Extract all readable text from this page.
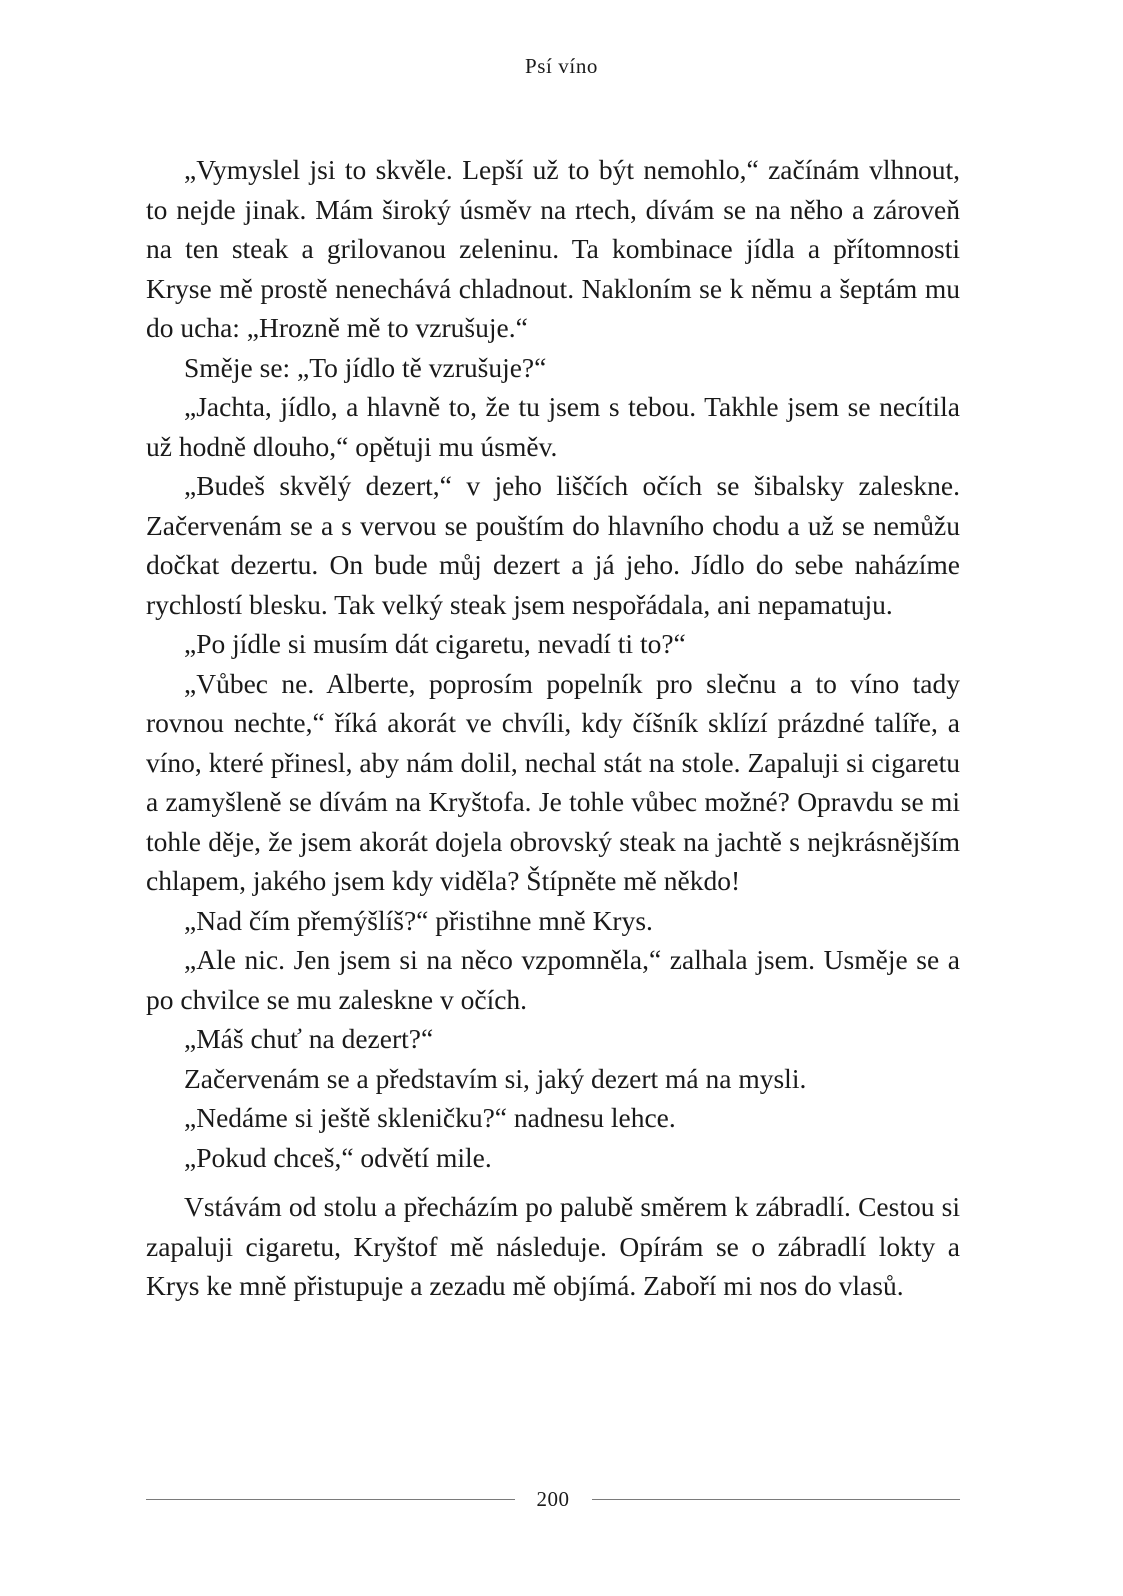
Psí víno

„Vymyslel jsi to skvěle. Lepší už to být nemohlo,“ začínám vlhnout, to nejde jinak. Mám široký úsměv na rtech, dívám se na něho a zároveň na ten steak a grilovanou zeleninu. Ta kombinace jídla a přítomnosti Kryse mě prostě nenechává chladnout. Nakloním se k němu a šeptám mu do ucha: „Hrozně mě to vzrušuje.“

Směje se: „To jídlo tě vzrušuje?“

„Jachta, jídlo, a hlavně to, že tu jsem s tebou. Takhle jsem se necítila už hodně dlouho,“ opětuji mu úsměv.

„Budeš skvělý dezert,“ v jeho liščích očích se šibalsky zaleskne. Začervenám se a s vervou se pouštím do hlavního chodu a už se nemůžu dočkat dezertu. On bude můj dezert a já jeho. Jídlo do sebe naházíme rychlostí blesku. Tak velký steak jsem nespořádala, ani nepamatuju.

„Po jídle si musím dát cigaretu, nevadí ti to?“

„Vůbec ne. Alberte, poprosím popelník pro slečnu a to víno tady rovnou nechte,“ říká akorát ve chvíli, kdy číšník sklízí prázdné talíře, a víno, které přinesl, aby nám dolil, nechal stát na stole. Zapaluji si cigaretu a zamyšleně se dívám na Kryštofa. Je tohle vůbec možné? Opravdu se mi tohle děje, že jsem akorát dojela obrovský steak na jachtě s nejkrásnějším chlapem, jakého jsem kdy viděla? Štípněte mě někdo!

„Nad čím přemýšlíš?“ přistihne mně Krys.

„Ale nic. Jen jsem si na něco vzpomněla,“ zalhala jsem. Usměje se a po chvilce se mu zaleskne v očích.

„Máš chuť na dezert?“

Začervenám se a představím si, jaký dezert má na mysli.

„Nedáme si ještě skleničku?“ nadnesu lehce.

„Pokud chceš,“ odvětí mile.

Vstávám od stolu a přecházím po palubě směrem k zábradlí. Cestou si zapaluji cigaretu, Kryštof mě následuje. Opírám se o zábradlí lokty a Krys ke mně přistupuje a zezadu mě objímá. Zaboří mi nos do vlasů.

200
